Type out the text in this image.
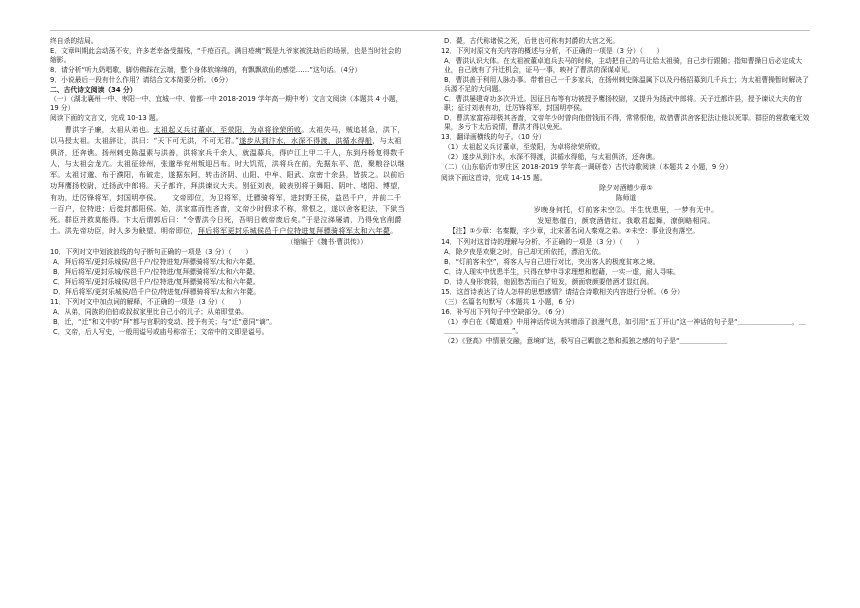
终自杀的结局。
E．文章叫期此会动荡不安，许多老幸备受摧残，“千疮百孔，满目疮痍”既是九爷家被洗劫后的场景，也是当时社会的缩影。
8．请分析“听九奶唱歌，脚仿佛踩在云端，整个身体软绵绵的，有飘飘欲仙的感觉……”这句话。（4分）
9．小说最后一段有什么作用？请结合文本简要分析。（6分）
二、古代诗文阅读（34 分）
（一）（湖北襄州一中、枣阳一中、宜城一中、曾都一中 2018-2019 学年高一期中考）文言文阅读（本题共 4 小题，19 分）
阅读下面的文言文，完成 10-13 题。
　　曹洪字子廉，太祖从弟也。太祖起义兵讨董卓，至荥阳，为卓将徐荣所败。太祖失马，贼追甚急，洪下，以马授太祖。太祖辞让，洪曰：“天下可无洪，不可无君。”遂步从到汴水，水深不得渡，洪循水得船，与太祖俱济，还奔谯。扬州刺史陈温素与洪善，洪将家兵千余人，就温募兵，得庐江上甲二千人，东到丹杨复得数千人，与太祖会龙亢。太祖征徐州，张邈举兖州叛迎吕布。时大饥荒，洪将兵在前，先据东平、范，聚粮谷以继军。太祖讨邈、布于濮阳，布破走，遂据东阿，转击济阴、山阳、中牟、阳武、京密十余县，皆拔之。以前后功拜鹰扬校尉，迁扬武中郎将。天子都许，拜洪谏议大夫。别征刘表，破表别将于舞阳、阴叶、堵阳、博望，有功，迁厉锋将军，封国明亭侯。　　文帝即位，为卫将军，迁骠骑将军，进封野王侯，益邑千户，并前二千一百户，位特进；后徙封都阳侯。始，洪家富而性吝啬，文帝少时假求不称，常恨之，遂以舍客犯法，下狱当死。群臣并救莫能得。卞太后谓郭后曰：“令曹洪今日死，吾明日敕帝废后矣。”于是泣涕屡请，乃得免官削爵土。洪先帝功臣，时人多为觖望。明帝即位，拜后将军更封乐城侯邑千户位特进复拜骠骑将军太和六年薨。
（缩编于《魏书·曹洪传》）
10．下列对文中划波浪线的句子断句正确的一项是（3 分）（　　）
A．拜后将军/更封乐城侯/邑千户/位特进复/拜骠骑将军/太和六年薨。
B．拜后将军/更封乐城/侯邑千户/位特进/复拜骠骑将军/太和六年薨。
C．拜后将军/更封乐城侯/邑千户/位特进/复拜骠骑将军/太和六年薨。
D．拜后将军/更封乐城侯/邑千户位/特进复/拜骠骑将军/太和六年薨。
11．下列对文中加点词的解释，不正确的一项是（3 分）（　　）
A．从弟，同族的伯伯或叔叔家里比自己小的儿子；从弟即堂弟。
B．迁，“迁”和文中的“拜”都与官职的变动、授予有关；与“迁”意同“谪”。
C．文帝，后人写史，一般用谥号或庙号称帝王；文帝中的文即是谥号。
D．薨，古代称诸侯之死，后世也可称有封爵的大官之死。
12．下列对原文有关内容的概述与分析，不正确的一项是（3 分）（　　）
A．曹洪认识大体。在太祖被董卓追兵去马的时候，主动把自己的马让给太祖骑，自己步行跟随；指知曹操日后必定成大业，自己就有了升迁机会，证马一事，映衬了曹洪的深谋卓见。
B．曹洪善于利用人脉办事。带着自己一千多家兵，在扬州刺史陈温属下以及丹杨招募到几千兵士；为太祖曹操暂时解决了兵源不足的大问题。
C．曹洪屡建奇功多次升迁。因征吕布等有功被授予鹰扬校尉，又提升为扬武中郎将。天子迁都许县，授予谏议大夫的官职；征讨刘表有功，迁厉锋将军，封国明亭侯。
D．曹洪家富裕却极其吝啬，文帝年少时曾向他借钱而不得，常常恨他，故借曹洪舍客犯法让他以死罪。群臣的营救毫无效果，多亏卞太后说情，曹洪才得以免死。
13．翻译画横线的句子。（10 分）
（1）太祖起义兵讨董卓，至荥阳，为卓将徐荣所败。
（2）遂步从到汴水，水深不得渡，洪循水得船，与太祖俱济，还奔谯。
（二）（山东临沂市罗庄区 2018-2019 学年高一调研卷）古代诗歌阅读（本题共 2 小题，9 分）
阅读下面这首诗，完成 14-15 题。
除夕对酒赠少章①
陈师道
岁晚身何托，灯前客未空②。半生忧患里，一梦有无中。
发短愁催白，颜衰酒借红。我歌君起舞，潦倒略相同。
【注】①少章：名秦觏，字少章，北宋著名词人秦观之弟。②未空：事业没有落空。
14．下列对这首诗的理解与分析，不正确的一项是（3 分）（　　）
A．除夕夜是欢聚之时，自己却无所依托，漂泊无依。
B．“灯前客未空”，将客人与自己进行对比，突出客人的极度贫寒之境。
C．诗人现实中忧患半生，只得在梦中寻求理想和慰藉，一实一虚，耐人寻味。
D．诗人身形衰弱，他固愁苦而白了短发，颜面衰颜要借酒才显红润。
15．这首诗表达了诗人怎样的思想感情？请结合诗歌相关内容进行分析。（6 分）
（三）名篇名句默写（本题共 1 小题，6 分）
16．补写出下列句子中空缺部分。（6 分）
（1）李白在《蜀道难》中用神话传说为其增添了浪漫气息，如引用“五丁开山”这一神话的句子是“＿＿＿＿＿＿＿＿，＿＿＿＿＿＿＿＿＿＿＿”。
（2）《登高》中情景交融，意境旷达，极写自己羁旅之愁和孤独之感的句子是“＿＿＿＿＿＿＿
